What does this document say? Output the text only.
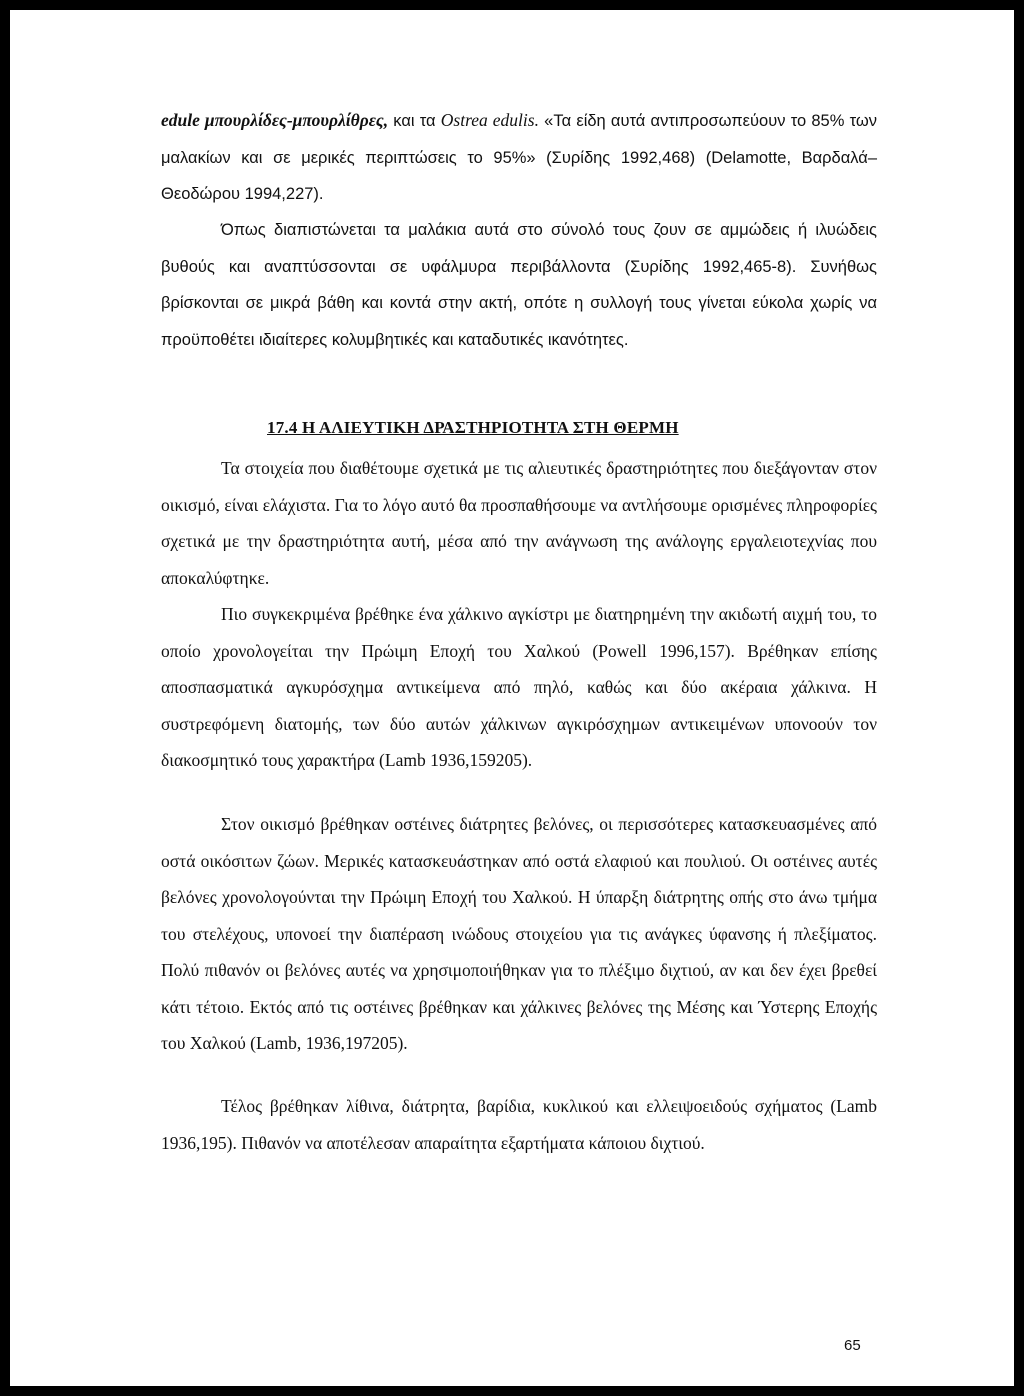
edule μπουρλίδες-μπουρλίθρες, και τα Ostrea edulis. «Τα είδη αυτά αντιπροσωπεύουν το 85% των μαλακίων και σε μερικές περιπτώσεις το 95%» (Συρίδης 1992,468) (Delamotte, Βαρδαλά–Θεοδώρου 1994,227).

Όπως διαπιστώνεται τα μαλάκια αυτά στο σύνολό τους ζουν σε αμμώδεις ή ιλυώδεις βυθούς και αναπτύσσονται σε υφάλμυρα περιβάλλοντα (Συρίδης 1992,465-8). Συνήθως βρίσκονται σε μικρά βάθη και κοντά στην ακτή, οπότε η συλλογή τους γίνεται εύκολα χωρίς να προϋποθέτει ιδιαίτερες κολυμβητικές και καταδυτικές ικανότητες.

17.4 Η ΑΛΙΕΥΤΙΚΗ ΔΡΑΣΤΗΡΙΟΤΗΤΑ ΣΤΗ ΘΕΡΜΗ

Τα στοιχεία που διαθέτουμε σχετικά με τις αλιευτικές δραστηριότητες που διεξάγονταν στον οικισμό, είναι ελάχιστα. Για το λόγο αυτό θα προσπαθήσουμε να αντλήσουμε ορισμένες πληροφορίες σχετικά με την δραστηριότητα αυτή, μέσα από την ανάγνωση της ανάλογης εργαλειοτεχνίας που αποκαλύφτηκε.

Πιο συγκεκριμένα βρέθηκε ένα χάλκινο αγκίστρι με διατηρημένη την ακιδωτή αιχμή του, το οποίο χρονολογείται την Πρώιμη Εποχή του Χαλκού (Powell 1996,157). Βρέθηκαν επίσης αποσπασματικά αγκυρόσχημα αντικείμενα από πηλό, καθώς και δύο ακέραια χάλκινα. Η συστρεφόμενη διατομής, των δύο αυτών χάλκινων αγκιρόσχημων αντικειμένων υπονοούν τον διακοσμητικό τους χαρακτήρα (Lamb 1936,159205).

Στον οικισμό βρέθηκαν οστέινες διάτρητες βελόνες, οι περισσότερες κατασκευασμένες από οστά οικόσιτων ζώων. Μερικές κατασκευάστηκαν από οστά ελαφιού και πουλιού. Οι οστέινες αυτές βελόνες χρονολογούνται την Πρώιμη Εποχή του Χαλκού. Η ύπαρξη διάτρητης οπής στο άνω τμήμα του στελέχους, υπονοεί την διαπέραση ινώδους στοιχείου για τις ανάγκες ύφανσης ή πλεξίματος. Πολύ πιθανόν οι βελόνες αυτές να χρησιμοποιήθηκαν για το πλέξιμο διχτιού, αν και δεν έχει βρεθεί κάτι τέτοιο. Εκτός από τις οστέινες βρέθηκαν και χάλκινες βελόνες της Μέσης και Ύστερης Εποχής του Χαλκού (Lamb, 1936,197205).

Τέλος βρέθηκαν λίθινα, διάτρητα, βαρίδια, κυκλικού και ελλειψοειδούς σχήματος (Lamb 1936,195). Πιθανόν να αποτέλεσαν απαραίτητα εξαρτήματα κάποιου διχτιού.

65
